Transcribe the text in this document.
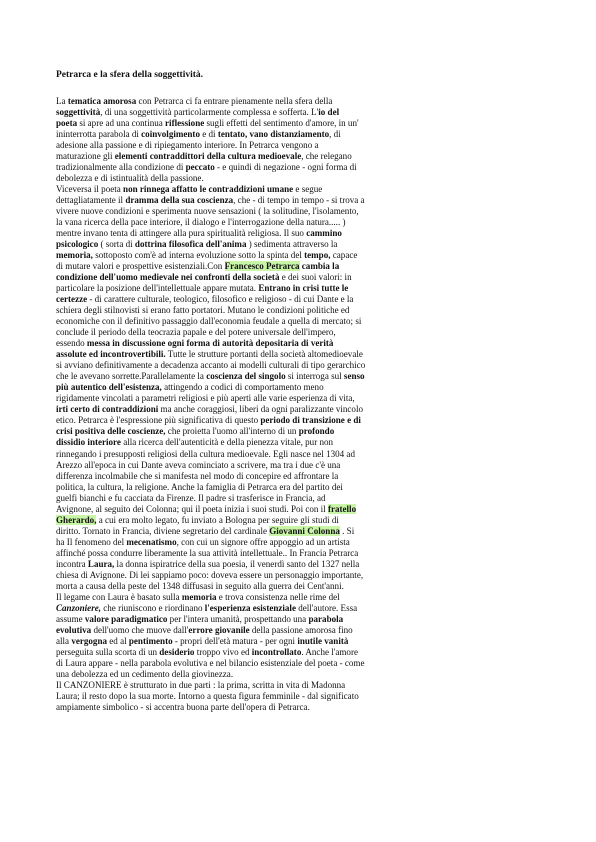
Petrarca e la sfera della soggettività.

La tematica amorosa con Petrarca ci fa entrare pienamente nella sfera della
soggettività, di una soggettività particolarmente complessa e sofferta. L'io del
poeta si apre ad una continua riflessione sugli effetti del sentimento d'amore, in un'
ininterrotta parabola di coinvolgimento e di tentato, vano distanziamento, di
adesione alla passione e di ripiegamento interiore. In Petrarca vengono a
maturazione gli elementi contraddittori della cultura medioevale, che relegano
tradizionalmente alla condizione di peccato - e quindi di negazione - ogni forma di
debolezza e di istintualità della passione.
Viceversa il poeta non rinnega affatto le contraddizioni umane e segue
dettagliatamente il dramma della sua coscienza, che - di tempo in tempo - si trova a
vivere nuove condizioni e sperimenta nuove sensazioni ( la solitudine, l'isolamento,
la vana ricerca della pace interiore, il dialogo e l'interrogazione della natura..... )
mentre invano tenta di attingere alla pura spiritualità religiosa. Il suo cammino
psicologico ( sorta di dottrina filosofica dell'anima ) sedimenta attraverso la
memoria, sottoposto com'è ad interna evoluzione sotto la spinta del tempo, capace
di mutare valori e prospettive esistenziali.Con Francesco Petrarca cambia la
condizione dell'uomo medievale nei confronti della società e dei suoi valori: in
particolare la posizione dell'intellettuale appare mutata. Entrano in crisi tutte le
certezze - di carattere culturale, teologico, filosofico e religioso - di cui Dante e la
schiera degli stilnovisti si erano fatto portatori. Mutano le condizioni politiche ed
economiche con il definitivo passaggio dall'economia feudale a quella di mercato; si
conclude il periodo della teocrazia papale e del potere universale dell'impero,
essendo messa in discussione ogni forma di autorità depositaria di verità
assolute ed incontrovertibili. Tutte le strutture portanti della società altomedioevale
si avviano definitivamente a decadenza accanto ai modelli culturali di tipo gerarchico
che le avevano sorrette.Parallelamente la coscienza del singolo si interroga sul senso
più autentico dell'esistenza, attingendo a codici di comportamento meno
rigidamente vincolati a parametri religiosi e più aperti alle varie esperienza di vita,
irti certo di contraddizioni ma anche coraggiosi, liberi da ogni paralizzante vincolo
etico. Petrarca è l'espressione più significativa di questo periodo di transizione e di
crisi positiva delle coscienze, che proietta l'uomo all'interno di un profondo
dissidio interiore alla ricerca dell'autenticità e della pienezza vitale, pur non
rinnegando i presupposti religiosi della cultura medioevale. Egli nasce nel 1304 ad
Arezzo all'epoca in cui Dante aveva cominciato a scrivere, ma tra i due c'è una
differenza incolmabile che si manifesta nel modo di concepire ed affrontare la
politica, la cultura, la religione. Anche la famiglia di Petrarca era del partito dei
guelfi bianchi e fu cacciata da Firenze. Il padre si trasferisce in Francia, ad
Avignone, al seguito dei Colonna; qui il poeta inizia i suoi studi. Poi con il fratello
Gherardo, a cui era molto legato, fu inviato a Bologna per seguire gli studi di
diritto. Tornato in Francia, diviene segretario del cardinale Giovanni Colonna . Si
ha Il fenomeno del mecenatismo, con cui un signore offre appoggio ad un artista
affinché possa condurre liberamente la sua attività intellettuale.. In Francia Petrarca
incontra Laura, la donna ispiratrice della sua poesia, il venerdì santo del 1327 nella
chiesa di Avignone. Di lei sappiamo poco: doveva essere un personaggio importante,
morta a causa della peste del 1348 diffusasi in seguito alla guerra dei Cent'anni.
Il legame con Laura è basato sulla memoria e trova consistenza nelle rime del
Canzoniere, che riuniscono e riordinano l'esperienza esistenziale dell'autore. Essa
assume valore paradigmatico per l'intera umanità, prospettando una parabola
evolutiva dell'uomo che muove dall'errore giovanile della passione amorosa fino
alla vergogna ed al pentimento - propri dell'età matura - per ogni inutile vanità
perseguita sulla scorta di un desiderio troppo vivo ed incontrollato. Anche l'amore
di Laura appare - nella parabola evolutiva e nel bilancio esistenziale del poeta - come
una debolezza ed un cedimento della giovinezza.
Il CANZONIERE è strutturato in due parti : la prima, scritta in vita di Madonna
Laura; il resto dopo la sua morte. Intorno a questa figura femminile - dal significato
ampiamente simbolico - si accentra buona parte dell'opera di Petrarca.
